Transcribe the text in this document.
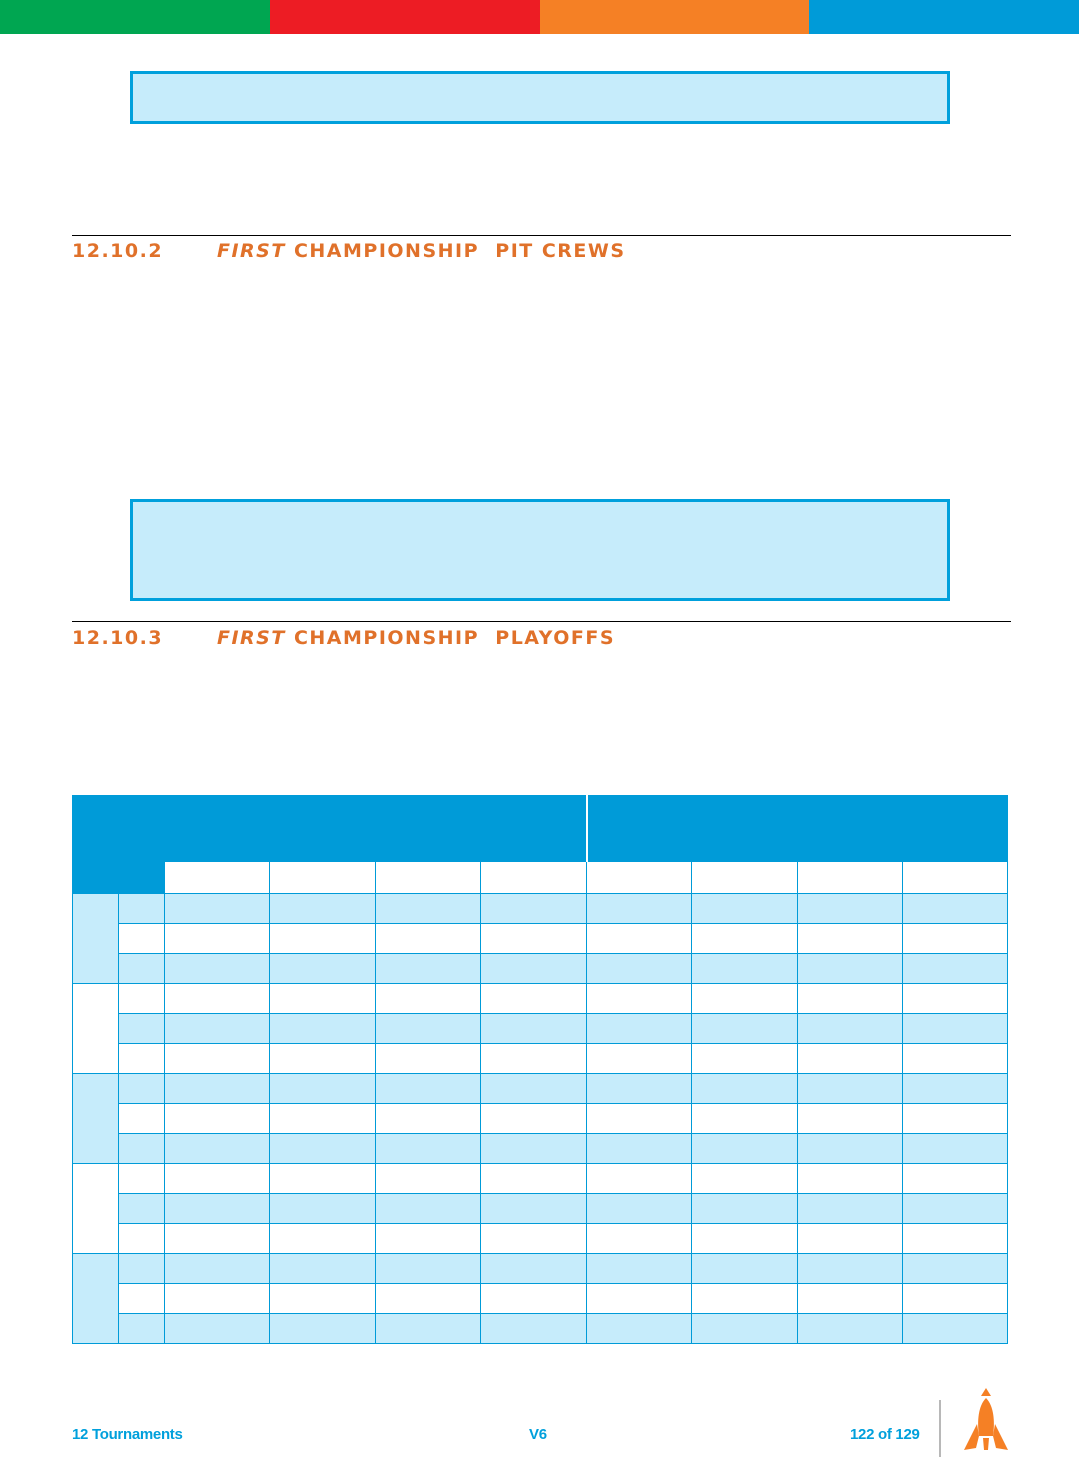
12.10.2	FIRST CHAMPIONSHIP  PIT CREWS
12.10.3	FIRST CHAMPIONSHIP  PLAYOFFS

12 Tournaments	V6	122 of 129
